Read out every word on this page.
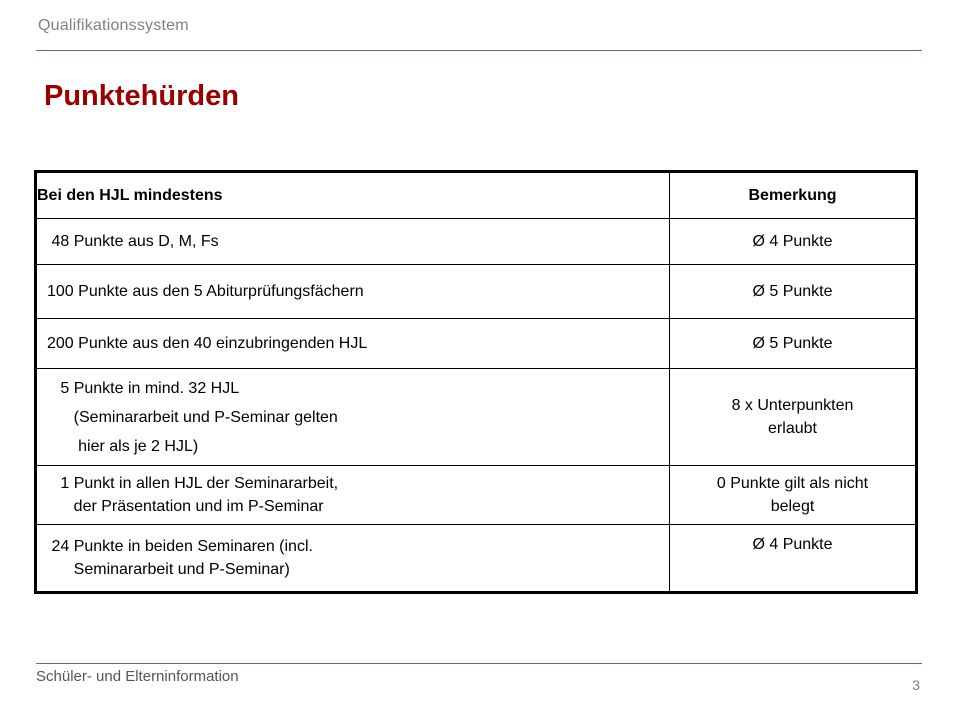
Qualifikationssystem
Punktehürden
Bei den HJL mindestens	Bemerkung

48 Punkte aus D, M, Fs	Ø 4 Punkte

100 Punkte aus den 5 Abiturprüfungsfächern	Ø 5 Punkte

200 Punkte aus den 40 einzubringenden HJL	Ø 5 Punkte

5 Punkte in mind. 32 HJL
(Seminararbeit und P-Seminar gelten
hier als je 2 HJL)	8 x Unterpunkten
erlaubt

1 Punkt in allen HJL der Seminararbeit,
der Präsentation und im P-Seminar	0 Punkte gilt als nicht
belegt

24 Punkte in beiden Seminaren (incl.
Seminararbeit und P-Seminar)	Ø 4 Punkte
Schüler- und Elterninformation	3
